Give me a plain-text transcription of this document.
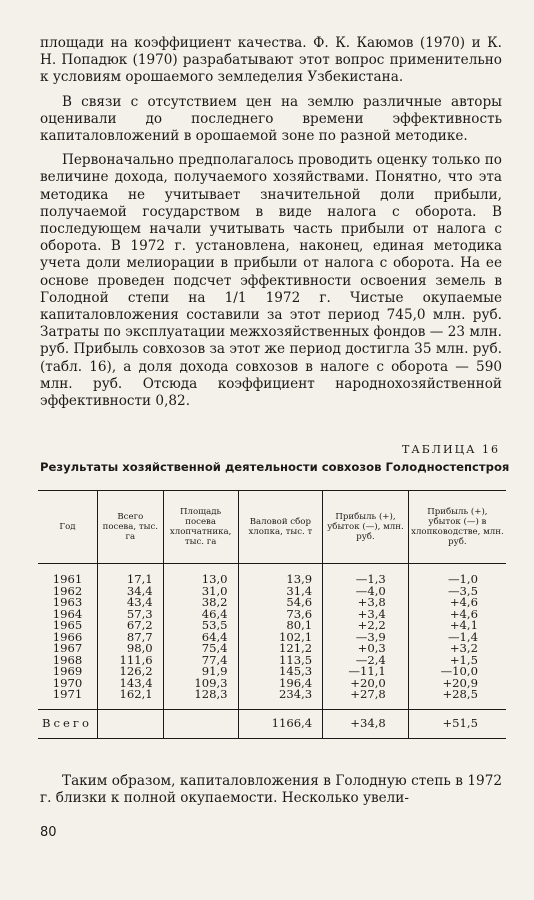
площади на коэффициент качества. Ф. К. Каюмов (1970) и К. Н. Попадюк (1970) разрабатывают этот вопрос применительно к условиям орошаемого земледелия Узбекистана.

В связи с отсутствием цен на землю различные авторы оценивали до последнего времени эффективность капиталовложений в орошаемой зоне по разной методике.

Первоначально предполагалось проводить оценку только по величине дохода, получаемого хозяйствами. Понятно, что эта методика не учитывает значительной доли прибыли, получаемой государством в виде налога с оборота. В последующем начали учитывать часть прибыли от налога с оборота. В 1972 г. установлена, наконец, единая методика учета доли мелиорации в прибыли от налога с оборота. На ее основе проведен подсчет эффективности освоения земель в Голодной степи на 1/1 1972 г. Чистые окупаемые капиталовложения составили за этот период 745,0 млн. руб. Затраты по эксплуатации межхозяйственных фондов — 23 млн. руб. Прибыль совхозов за этот же период достигла 35 млн. руб. (табл. 16), а доля дохода совхозов в налоге с оборота — 590 млн. руб. Отсюда коэффициент народнохозяйственной эффективности 0,82.

ТАБЛИЦА 16
Результаты хозяйственной деятельности совхозов Голодностепстроя
Год	Всего посева, тыс. га	Площадь посева хлопчатника, тыс. га	Валовой сбор хлопка, тыс. т	Прибыль (+), убыток (—), млн. руб.	Прибыль (+), убыток (—) в хлопководстве, млн. руб.

1961	17,1	13,0	13,9	—1,3	—1,0
1962	34,4	31,0	31,4	—4,0	—3,5
1963	43,4	38,2	54,6	+3,8	+4,6
1964	57,3	46,4	73,6	+3,4	+4,6
1965	67,2	53,5	80,1	+2,2	+4,1
1966	87,7	64,4	102,1	—3,9	—1,4
1967	98,0	75,4	121,2	+0,3	+3,2
1968	111,6	77,4	113,5	—2,4	+1,5
1969	126,2	91,9	145,3	—11,1	—10,0
1970	143,4	109,3	196,4	+20,0	+20,9
1971	162,1	128,3	234,3	+27,8	+28,5

Всего			1166,4	+34,8	+51,5

Таким образом, капиталовложения в Голодную степь в 1972 г. близки к полной окупаемости. Несколько увели-

80
